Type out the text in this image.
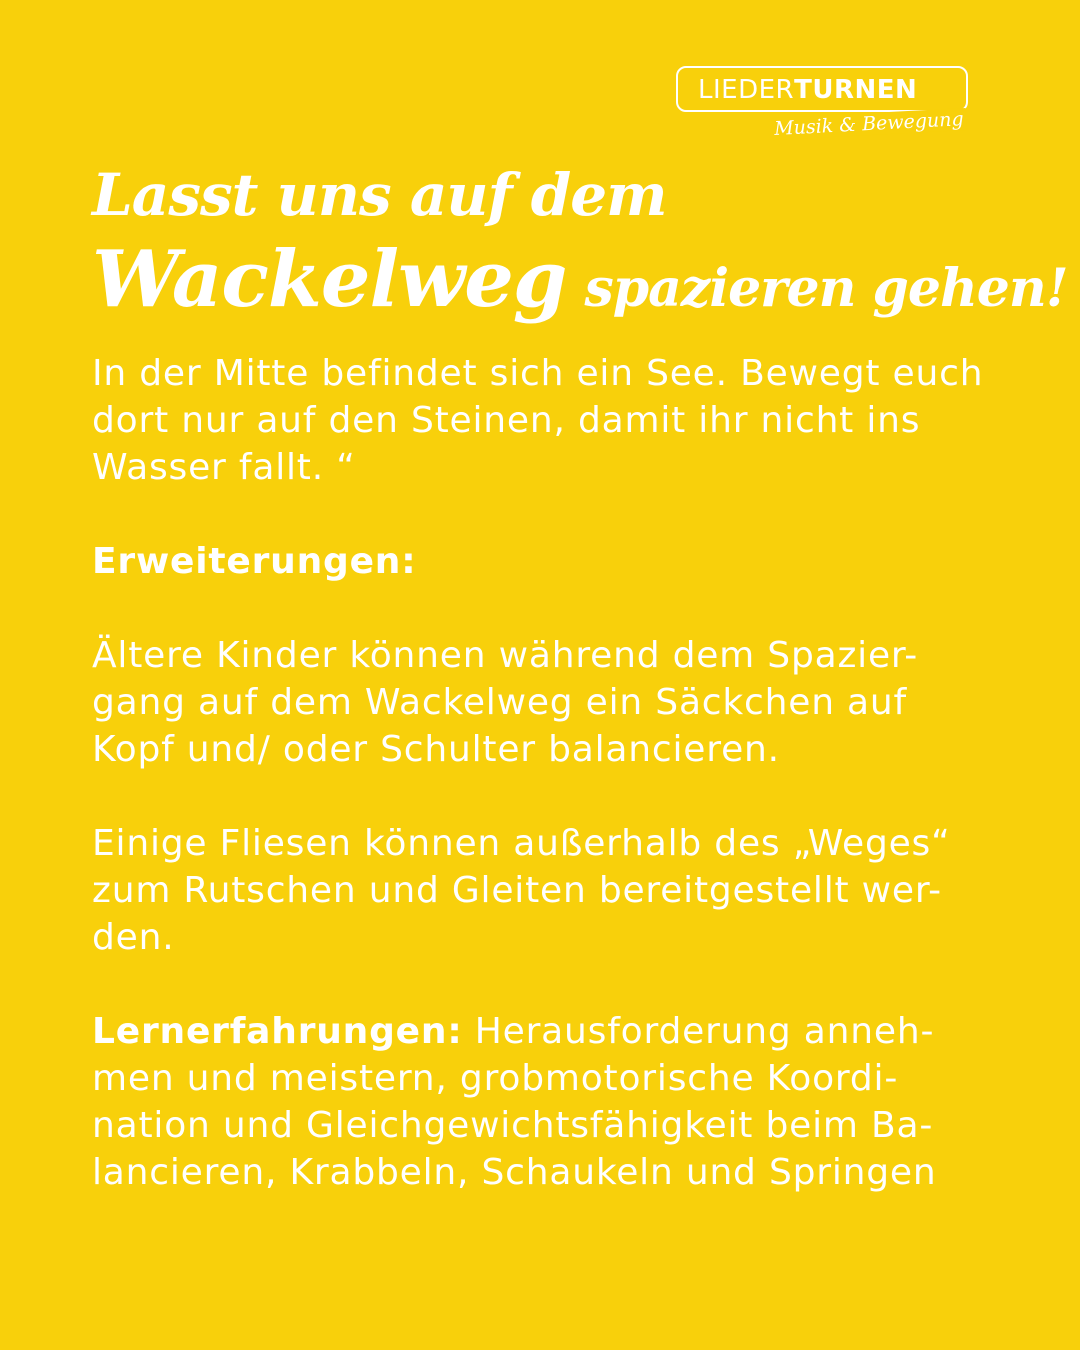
LIEDERTURNEN
Musik & Bewegung
Lasst uns auf dem
Wackelweg spazieren gehen!

In der Mitte befindet sich ein See. Bewegt euch
dort nur auf den Steinen, damit ihr nicht ins
Wasser fallt. “

Erweiterungen:

Ältere Kinder können während dem Spazier-
gang auf dem Wackelweg ein Säckchen auf
Kopf und/ oder Schulter balancieren.

Einige Fliesen können außerhalb des „Weges“
zum Rutschen und Gleiten bereitgestellt wer-
den.

Lernerfahrungen: Herausforderung anneh-
men und meistern, grobmotorische Koordi-
nation und Gleichgewichtsfähigkeit beim Ba-
lancieren, Krabbeln, Schaukeln und Springen
